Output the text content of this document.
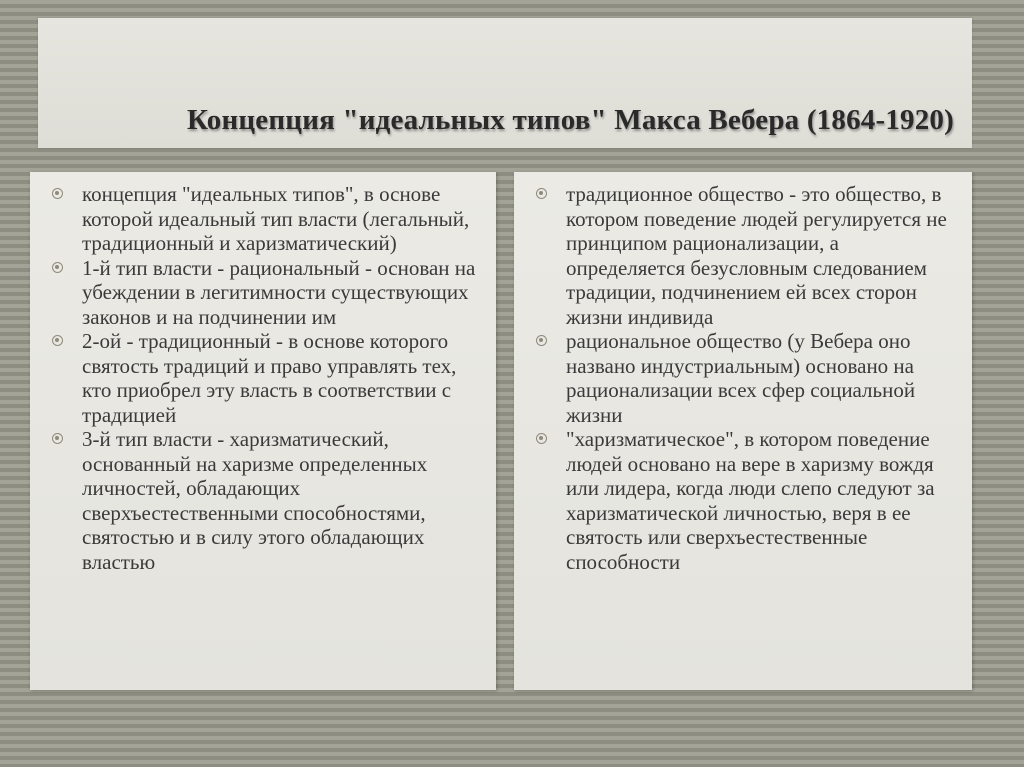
Концепция "идеальных типов" Макса Вебера (1864-1920)
концепция "идеальных типов", в основе которой идеальный тип власти (легальный, традиционный и харизматический)
1-й тип власти - рациональный - основан на убеждении в легитимности существующих законов и на подчинении им
2-ой - традиционный - в основе которого святость традиций и право управлять тех, кто приобрел эту власть в соответствии с традицией
3-й тип власти - харизматический, основанный на харизме определенных личностей, обладающих сверхъестественными способностями, святостью и в силу этого обладающих властью
традиционное общество - это общество, в котором поведение людей регулируется не принципом рационализации, а определяется безусловным следованием традиции, подчинением ей всех сторон жизни индивида
рациональное общество (у Вебера оно названо индустриальным) основано на рационализации всех сфер социальной жизни
"харизматическое", в котором поведение людей основано на вере в харизму вождя или лидера, когда люди слепо следуют за харизматической личностью, веря в ее святость или сверхъестественные способности
